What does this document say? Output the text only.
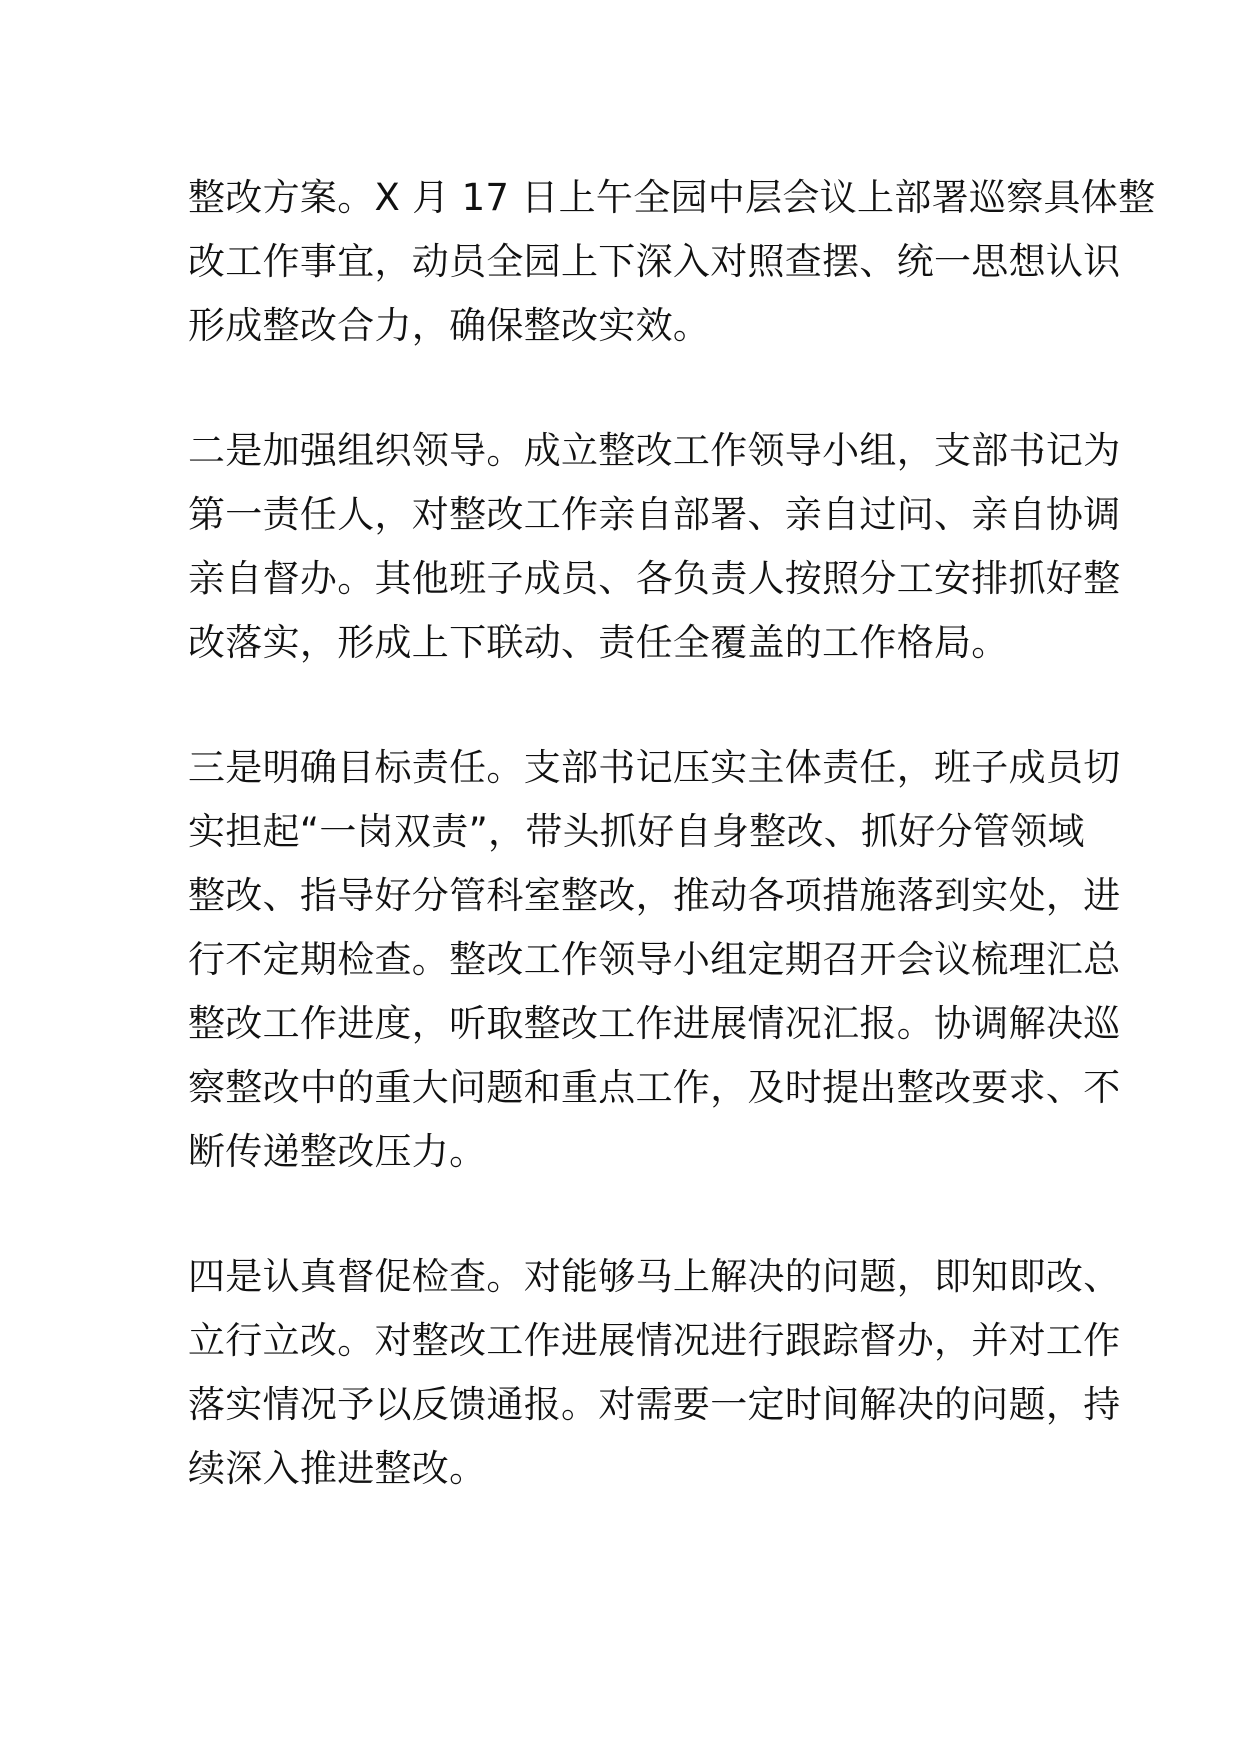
整改方案。X 月 17 日上午全园中层会议上部署巡察具体整
改工作事宜，动员全园上下深入对照查摆、统一思想认识
形成整改合力，确保整改实效。
二是加强组织领导。成立整改工作领导小组，支部书记为
第一责任人，对整改工作亲自部署、亲自过问、亲自协调
亲自督办。其他班子成员、各负责人按照分工安排抓好整
改落实，形成上下联动、责任全覆盖的工作格局。
三是明确目标责任。支部书记压实主体责任，班子成员切
实担起“一岗双责”，带头抓好自身整改、抓好分管领域
整改、指导好分管科室整改，推动各项措施落到实处，进
行不定期检查。整改工作领导小组定期召开会议梳理汇总
整改工作进度，听取整改工作进展情况汇报。协调解决巡
察整改中的重大问题和重点工作，及时提出整改要求、不
断传递整改压力。
四是认真督促检查。对能够马上解决的问题，即知即改、
立行立改。对整改工作进展情况进行跟踪督办，并对工作
落实情况予以反馈通报。对需要一定时间解决的问题，持
续深入推进整改。
